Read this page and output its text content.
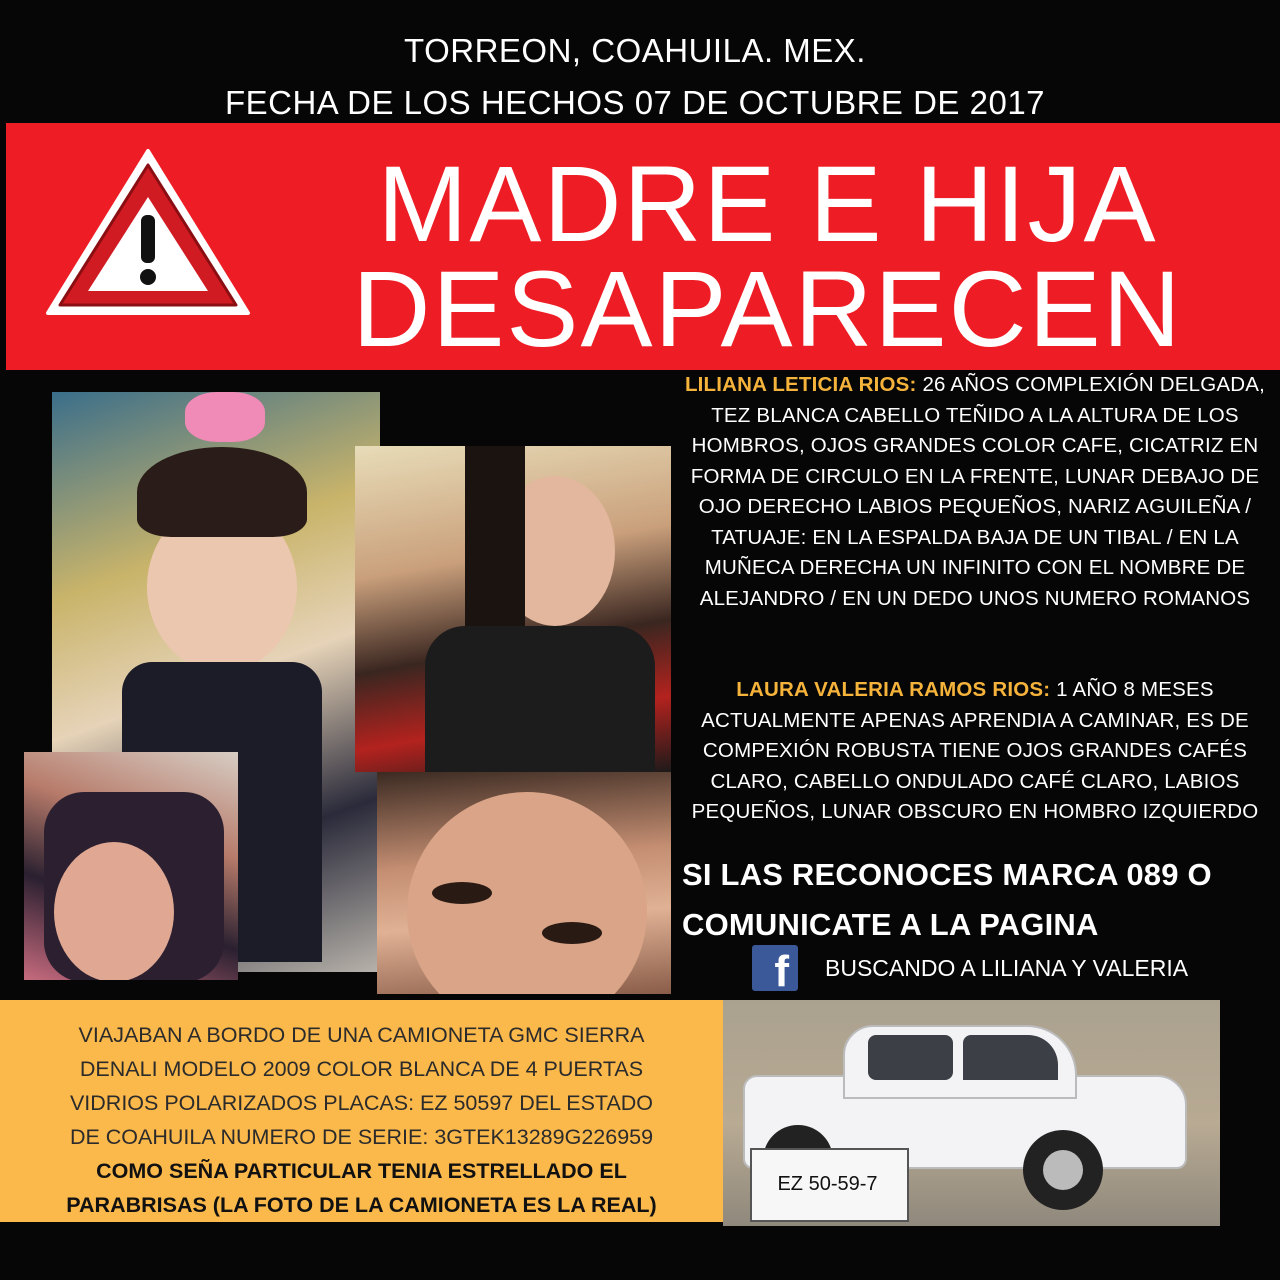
TORREON, COAHUILA. MEX.
FECHA DE LOS HECHOS 07 DE OCTUBRE DE 2017
MADRE E HIJA
DESAPARECEN
LILIANA LETICIA RIOS: 26 AÑOS COMPLEXIÓN DELGADA, TEZ BLANCA CABELLO TEÑIDO A LA ALTURA DE LOS HOMBROS, OJOS GRANDES COLOR CAFE, CICATRIZ EN FORMA DE CIRCULO EN LA FRENTE, LUNAR DEBAJO DE OJO DERECHO LABIOS PEQUEÑOS, NARIZ AGUILEÑA / TATUAJE: EN LA ESPALDA BAJA DE UN TIBAL / EN LA MUÑECA DERECHA UN INFINITO CON EL NOMBRE DE ALEJANDRO / EN UN DEDO UNOS NUMERO ROMANOS
LAURA VALERIA RAMOS RIOS: 1 AÑO 8 MESES ACTUALMENTE APENAS APRENDIA A CAMINAR, ES DE COMPEXIÓN ROBUSTA TIENE OJOS GRANDES CAFÉS CLARO, CABELLO ONDULADO CAFÉ CLARO, LABIOS PEQUEÑOS, LUNAR OBSCURO EN HOMBRO IZQUIERDO
SI LAS RECONOCES MARCA 089 O
COMUNICATE A LA PAGINA
f	BUSCANDO A LILIANA Y VALERIA
VIAJABAN A BORDO DE UNA CAMIONETA GMC SIERRA
DENALI MODELO 2009 COLOR BLANCA DE 4 PUERTAS
VIDRIOS POLARIZADOS PLACAS: EZ 50597 DEL ESTADO
DE COAHUILA NUMERO DE SERIE: 3GTEK13289G226959
COMO SEÑA PARTICULAR TENIA ESTRELLADO EL
PARABRISAS (LA FOTO DE LA CAMIONETA ES LA REAL)
EZ 50-59-7
